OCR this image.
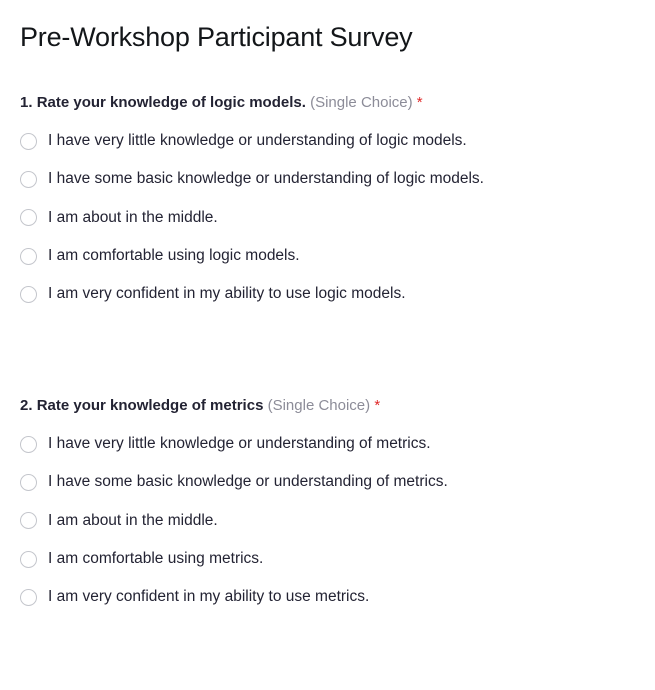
Pre-Workshop Participant Survey
1. Rate your knowledge of logic models. (Single Choice) *
I have very little knowledge or understanding of logic models.
I have some basic knowledge or understanding of logic models.
I am about in the middle.
I am comfortable using logic models.
I am very confident in my ability to use logic models.
2. Rate your knowledge of metrics (Single Choice) *
I have very little knowledge or understanding of metrics.
I have some basic knowledge or understanding of metrics.
I am about in the middle.
I am comfortable using metrics.
I am very confident in my ability to use metrics.
